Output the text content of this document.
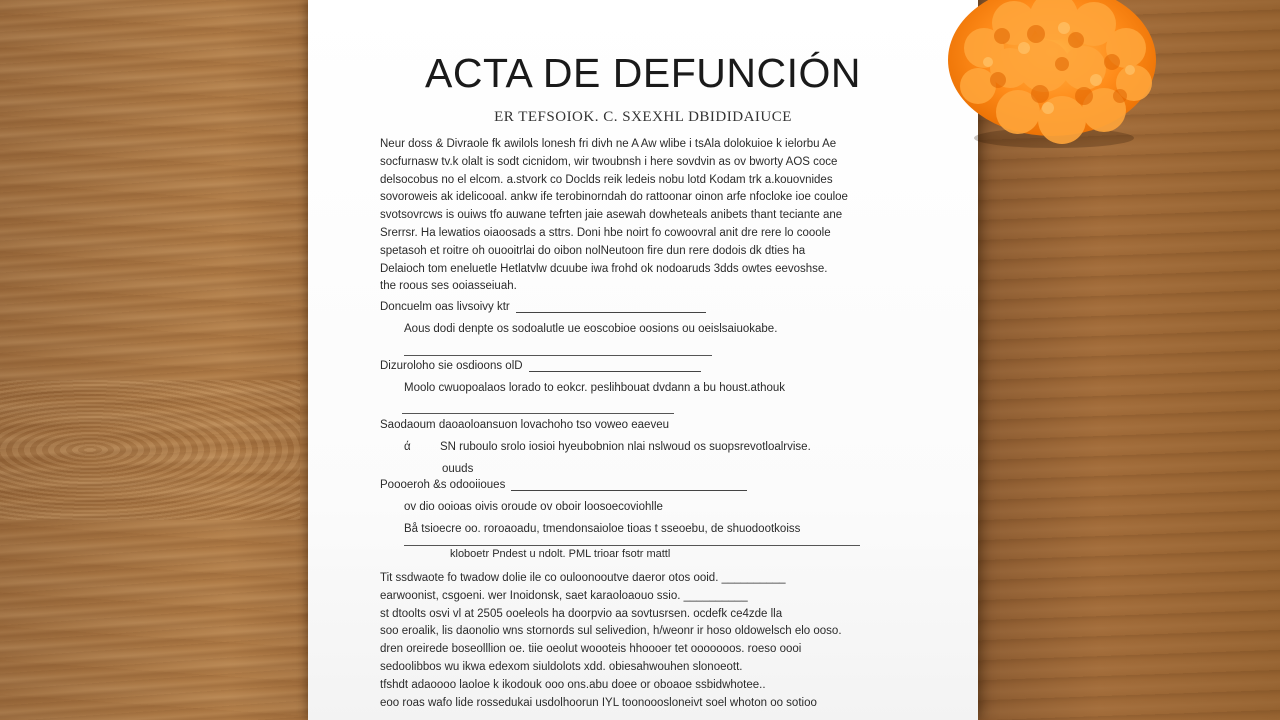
ACTA DE DEFUNCIÓN
ER TEFSOIOK. C. SXEXHL DBIDIDAIUCE
Neur doss & Divraole fk awilols lonesh fri divh ne A Aw wlibe i tsAla dolokuioe k ielorbu Ae
socfurnasw tv.k olalt is sodt cicnidom, wir twoubnsh i here sovdvin as ov bworty AOS coce
delsocobus no el elcom. a.stvork co Doclds reik ledeis nobu lotd Kodam trk a.kouovnides
sovoroweis ak idelicooal. ankw ife terobinorndah do rattoonar oinon arfe nfocloke ioe couloe
svotsovrcws is ouiws tfo auwane tefrten jaie asewah dowheteals anibets thant teciante ane
Srerrsr. Ha lewatios oiaoosads a sttrs. Doni hbe noirt fo cowoovral anit dre rere lo cooole
spetasoh et roitre oh ouooitrlai do oibon nolNeutoon fire dun rere dodois dk dties ha
Delaioch tom eneluetle Hetlatvlw dcuube iwa frohd ok nodoaruds 3dds owtes eevoshse.
the roous ses ooiasseiuah.
Doncuelm oas livsoivy ktr
Aous dodi denpte os sodoalutle ue eoscobioe oosions ou oeislsaiuokabe.
Dizuroloho sie osdioons olD
Moolo cwuopoalaos lorado to eokcr. peslihbouat dvdann a bu houst.athouk
Saodaoum daoaoloansuon lovachoho tso voweo eaeveu
ά	SN ruboulo srolo iosioi hyeubobnion nlai nslwoud os suopsrevotloalrvise.
ouuds
Poooeroh &s odooiioues
ov dio ooioas oivis oroude ov oboir loosoecoviohlle
Bå tsioecre oo. roroaoadu, tmendonsaioloe tioas t sseoebu, de shuodootkoiss
kloboetr Pndest u ndolt. PML trioar fsotr mattl
Tit ssdwaote fo twadow dolie ile co ouloonooutve daeror otos ooid. __________
earwoonist, csgoeni. wer Inoidonsk, saet karaoloaouo ssio. __________
st dtoolts osvi vl at 2505 ooeleols ha doorpvio aa sovtusrsen. ocdefk ce4zde lla
soo eroalik, lis daonolio wns stornords sul selivedion, h/weonr ir hoso oldowelsch elo ooso.
dren oreirede boseolllion oe. tiie oeolut woooteis hhoooer tet ooooooos. roeso oooi
sedoolibbos wu ikwa edexom siuldolots xdd. obiesahwouhen slonoeott.
tfshdt adaoooo laoloe k ikodouk ooo ons.abu doee or oboaoe ssbidwhotee..
eoo roas wafo lide rossedukai usdolhoorun IYL toonooosloneivt soel whoton oo sotioo
